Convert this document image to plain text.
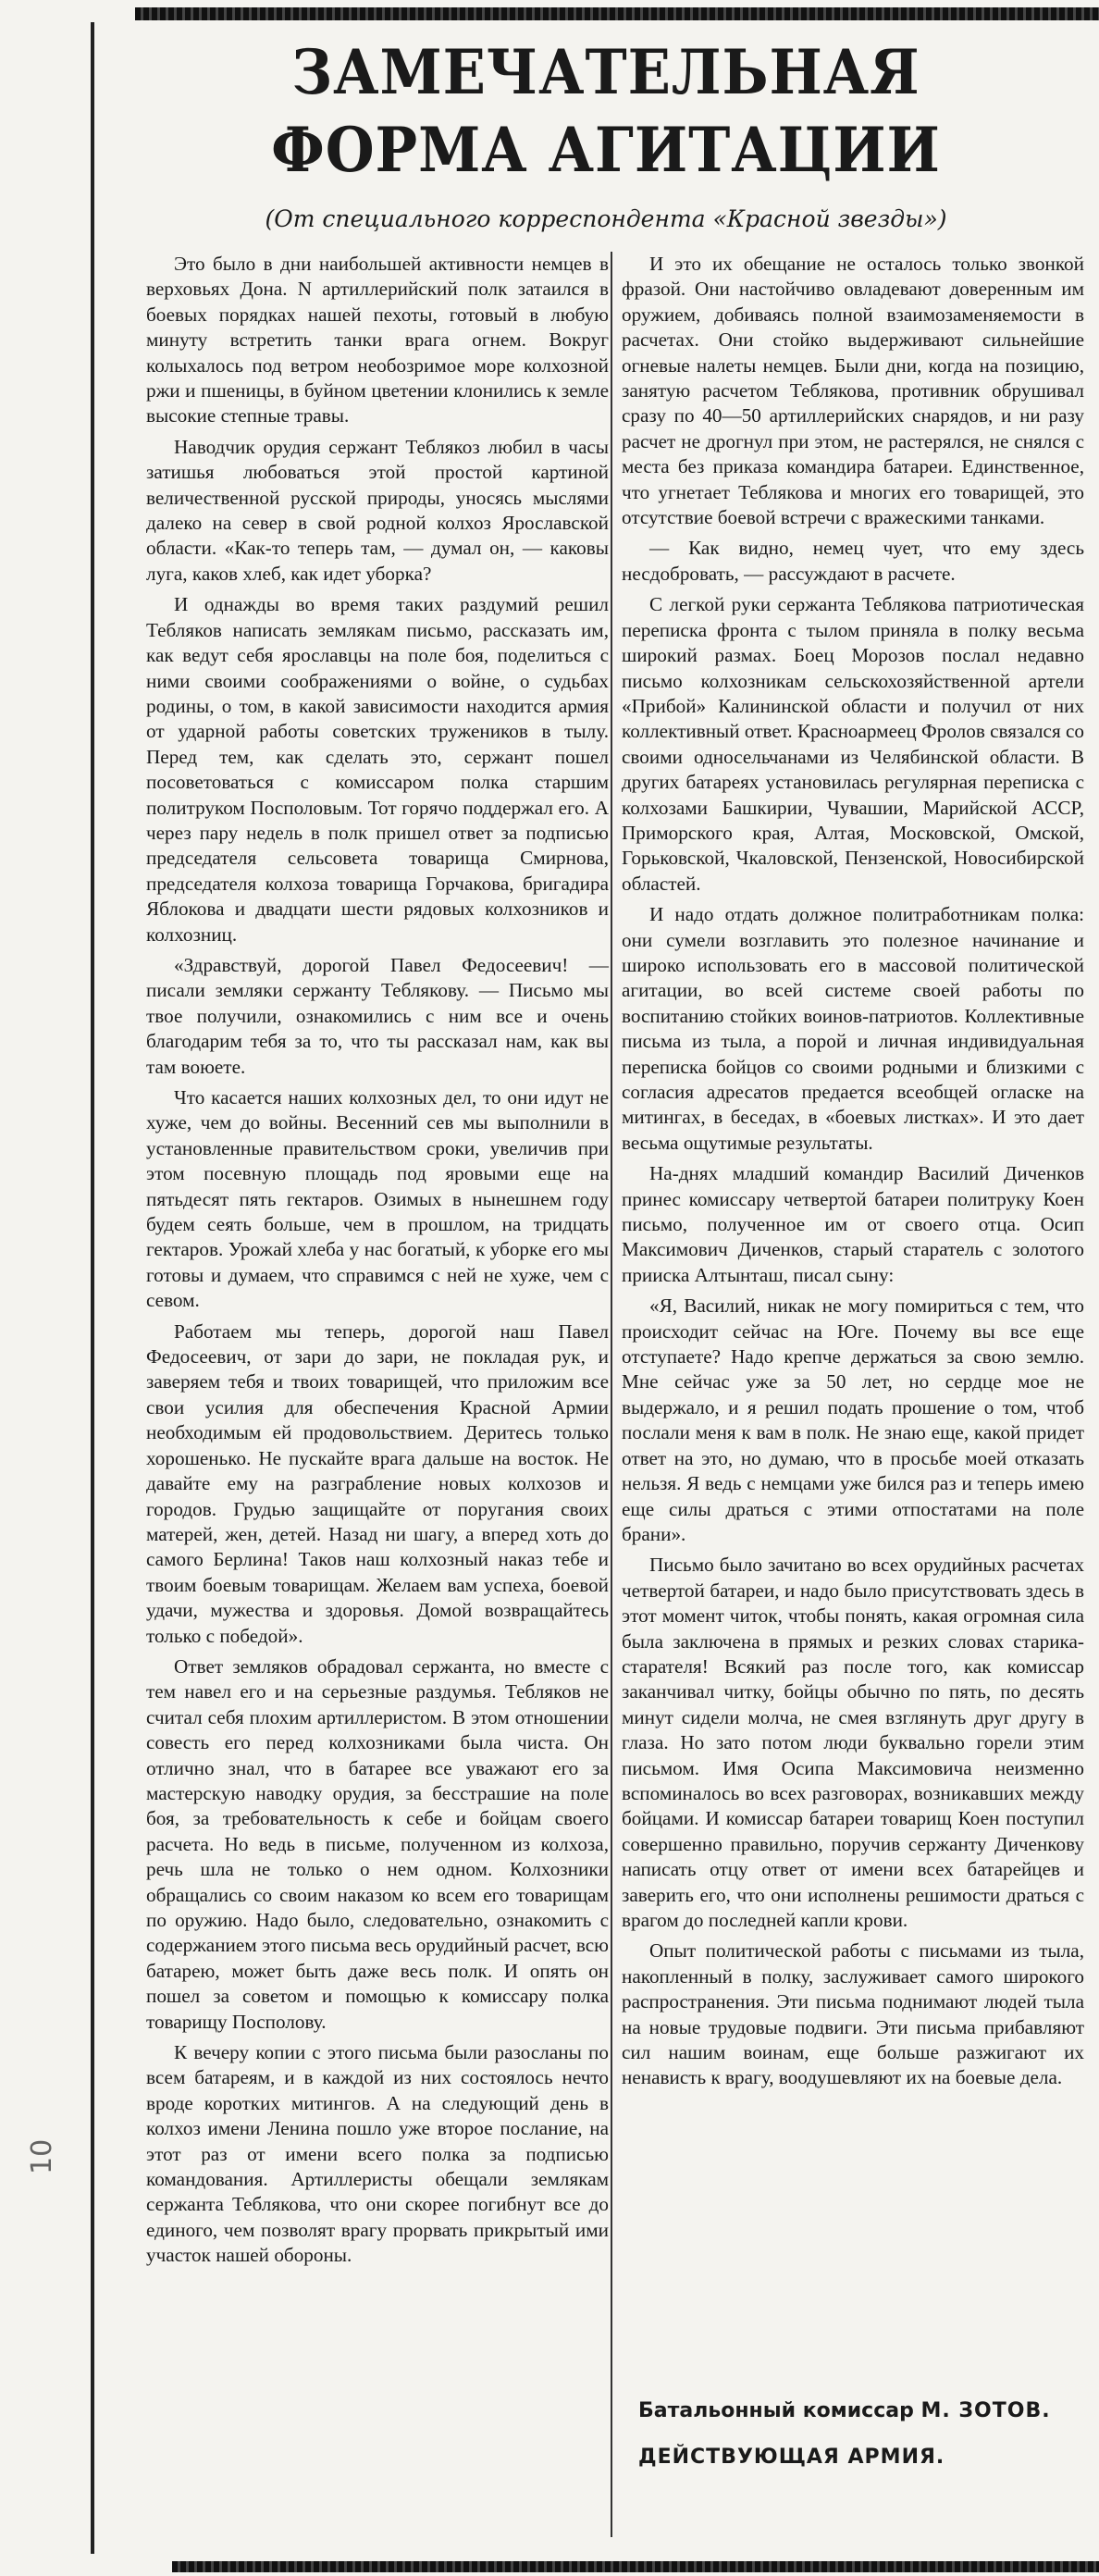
10
ЗАМЕЧАТЕЛЬНАЯ ФОРМА АГИТАЦИИ
(От специального корреспондента «Красной звезды»)

Это было в дни наибольшей активности немцев в верховьях Дона. N артиллерийский полк затаился в боевых порядках нашей пехоты, готовый в любую минуту встретить танки врага огнем. Вокруг колыхалось под ветром необозримое море колхозной ржи и пшеницы, в буйном цветении клонились к земле высокие степные травы.

Наводчик орудия сержант Теблякоз любил в часы затишья любоваться этой простой картиной величественной русской природы, уносясь мыслями далеко на север в свой родной колхоз Ярославской области. «Как-то теперь там, — думал он, — каковы луга, каков хлеб, как идет уборка?

И однажды во время таких раздумий решил Тебляков написать землякам письмо, рассказать им, как ведут себя ярославцы на поле боя, поделиться с ними своими соображениями о войне, о судьбах родины, о том, в какой зависимости находится армия от ударной работы советских тружеников в тылу. Перед тем, как сделать это, сержант пошел посоветоваться с комиссаром полка старшим политруком Посполовым. Тот горячо поддержал его. А через пару недель в полк пришел ответ за подписью председателя сельсовета товарища Смирнова, председателя колхоза товарища Горчакова, бригадира Яблокова и двадцати шести рядовых колхозников и колхозниц.

«Здравствуй, дорогой Павел Федосеевич! — писали земляки сержанту Теблякову. — Письмо мы твое получили, ознакомились с ним все и очень благодарим тебя за то, что ты рассказал нам, как вы там воюете.

Что касается наших колхозных дел, то они идут не хуже, чем до войны. Весенний сев мы выполнили в установленные правительством сроки, увеличив при этом посевную площадь под яровыми еще на пятьдесят пять гектаров. Озимых в нынешнем году будем сеять больше, чем в прошлом, на тридцать гектаров. Урожай хлеба у нас богатый, к уборке его мы готовы и думаем, что справимся с ней не хуже, чем с севом.

Работаем мы теперь, дорогой наш Павел Федосеевич, от зари до зари, не покладая рук, и заверяем тебя и твоих товарищей, что приложим все свои усилия для обеспечения Красной Армии необходимым ей продовольствием. Деритесь только хорошенько. Не пускайте врага дальше на восток. Не давайте ему на разграбление новых колхозов и городов. Грудью защищайте от поругания своих матерей, жен, детей. Назад ни шагу, а вперед хоть до самого Берлина! Таков наш колхозный наказ тебе и твоим боевым товарищам. Желаем вам успеха, боевой удачи, мужества и здоровья. Домой возвращайтесь только с победой».

Ответ земляков обрадовал сержанта, но вместе с тем навел его и на серьезные раздумья. Тебляков не считал себя плохим артиллеристом. В этом отношении совесть его перед колхозниками была чиста. Он отлично знал, что в батарее все уважают его за мастерскую наводку орудия, за бесстрашие на поле боя, за требовательность к себе и бойцам своего расчета. Но ведь в письме, полученном из колхоза, речь шла не только о нем одном. Колхозники обращались со своим наказом ко всем его товарищам по оружию. Надо было, следовательно, ознакомить с содержанием этого письма весь орудийный расчет, всю батарею, может быть даже весь полк. И опять он пошел за советом и помощью к комиссару полка товарищу Посполову.

К вечеру копии с этого письма были разосланы по всем батареям, и в каждой из них состоялось нечто вроде коротких митингов. А на следующий день в колхоз имени Ленина пошло уже второе послание, на этот раз от имени всего полка за подписью командования. Артиллеристы обещали землякам сержанта Теблякова, что они скорее погибнут все до единого, чем позволят врагу прорвать прикрытый ими участок нашей обороны.

И это их обещание не осталось только звонкой фразой. Они настойчиво овладевают доверенным им оружием, добиваясь полной взаимозаменяемости в расчетах. Они стойко выдерживают сильнейшие огневые налеты немцев. Были дни, когда на позицию, занятую расчетом Теблякова, противник обрушивал сразу по 40—50 артиллерийских снарядов, и ни разу расчет не дрогнул при этом, не растерялся, не снялся с места без приказа командира батареи. Единственное, что угнетает Теблякова и многих его товарищей, это отсутствие боевой встречи с вражескими танками.

— Как видно, немец чует, что ему здесь несдобровать, — рассуждают в расчете.

С легкой руки сержанта Теблякова патриотическая переписка фронта с тылом приняла в полку весьма широкий размах. Боец Морозов послал недавно письмо колхозникам сельскохозяйственной артели «Прибой» Калининской области и получил от них коллективный ответ. Красноармеец Фролов связался со своими односельчанами из Челябинской области. В других батареях установилась регулярная переписка с колхозами Башкирии, Чувашии, Марийской АССР, Приморского края, Алтая, Московской, Омской, Горьковской, Чкаловской, Пензенской, Новосибирской областей.

И надо отдать должное политработникам полка: они сумели возглавить это полезное начинание и широко использовать его в массовой политической агитации, во всей системе своей работы по воспитанию стойких воинов-патриотов. Коллективные письма из тыла, а порой и личная индивидуальная переписка бойцов со своими родными и близкими с согласия адресатов предается всеобщей огласке на митингах, в беседах, в «боевых листках». И это дает весьма ощутимые результаты.

На-днях младший командир Василий Диченков принес комиссару четвертой батареи политруку Коен письмо, полученное им от своего отца. Осип Максимович Диченков, старый старатель с золотого прииска Алтынташ, писал сыну:

«Я, Василий, никак не могу помириться с тем, что происходит сейчас на Юге. Почему вы все еще отступаете? Надо крепче держаться за свою землю. Мне сейчас уже за 50 лет, но сердце мое не выдержало, и я решил подать прошение о том, чтоб послали меня к вам в полк. Не знаю еще, какой придет ответ на это, но думаю, что в просьбе моей отказать нельзя. Я ведь с немцами уже бился раз и теперь имею еще силы драться с этими отпостатами на поле брани».

Письмо было зачитано во всех орудийных расчетах четвертой батареи, и надо было присутствовать здесь в этот момент читок, чтобы понять, какая огромная сила была заключена в прямых и резких словах старика-старателя! Всякий раз после того, как комиссар заканчивал читку, бойцы обычно по пять, по десять минут сидели молча, не смея взглянуть друг другу в глаза. Но зато потом люди буквально горели этим письмом. Имя Осипа Максимовича неизменно вспоминалось во всех разговорах, возникавших между бойцами. И комиссар батареи товарищ Коен поступил совершенно правильно, поручив сержанту Диченкову написать отцу ответ от имени всех батарейцев и заверить его, что они исполнены решимости драться с врагом до последней капли крови.

Опыт политической работы с письмами из тыла, накопленный в полку, заслуживает самого широкого распространения. Эти письма поднимают людей тыла на новые трудовые подвиги. Эти письма прибавляют сил нашим воинам, еще больше разжигают их ненависть к врагу, воодушевляют их на боевые дела.

Батальонный комиссар М. ЗОТОВ.
ДЕЙСТВУЮЩАЯ АРМИЯ.
